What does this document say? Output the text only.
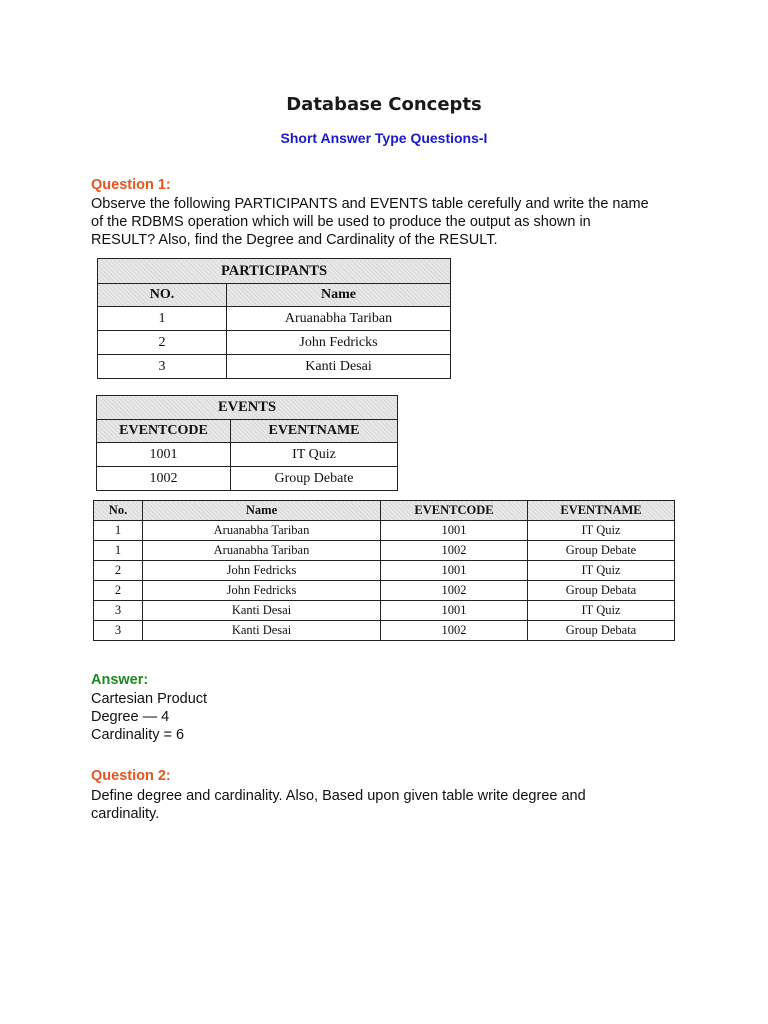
Database Concepts
Short Answer Type Questions-I
Question 1:
Observe the following PARTICIPANTS and EVENTS table cerefully and write the name
of the RDBMS operation which will be used to produce the output as shown in
RESULT? Also, find the Degree and Cardinality of the RESULT.
PARTICIPANTS	
NO.	Name
1	Aruanabha Tariban
2	John Fedricks
3	Kanti Desai
EVENTS	
EVENTCODE	EVENTNAME
1001	IT Quiz
1002	Group Debate
No.	Name	EVENTCODE	EVENTNAME
1	Aruanabha Tariban	1001	IT Quiz
1	Aruanabha Tariban	1002	Group Debate
2	John Fedricks	1001	IT Quiz
2	John Fedricks	1002	Group Debata
3	Kanti Desai	1001	IT Quiz
3	Kanti Desai	1002	Group Debata
Answer:
Cartesian Product
Degree — 4
Cardinality = 6
Question 2:
Define degree and cardinality. Also, Based upon given table write degree and
cardinality.
